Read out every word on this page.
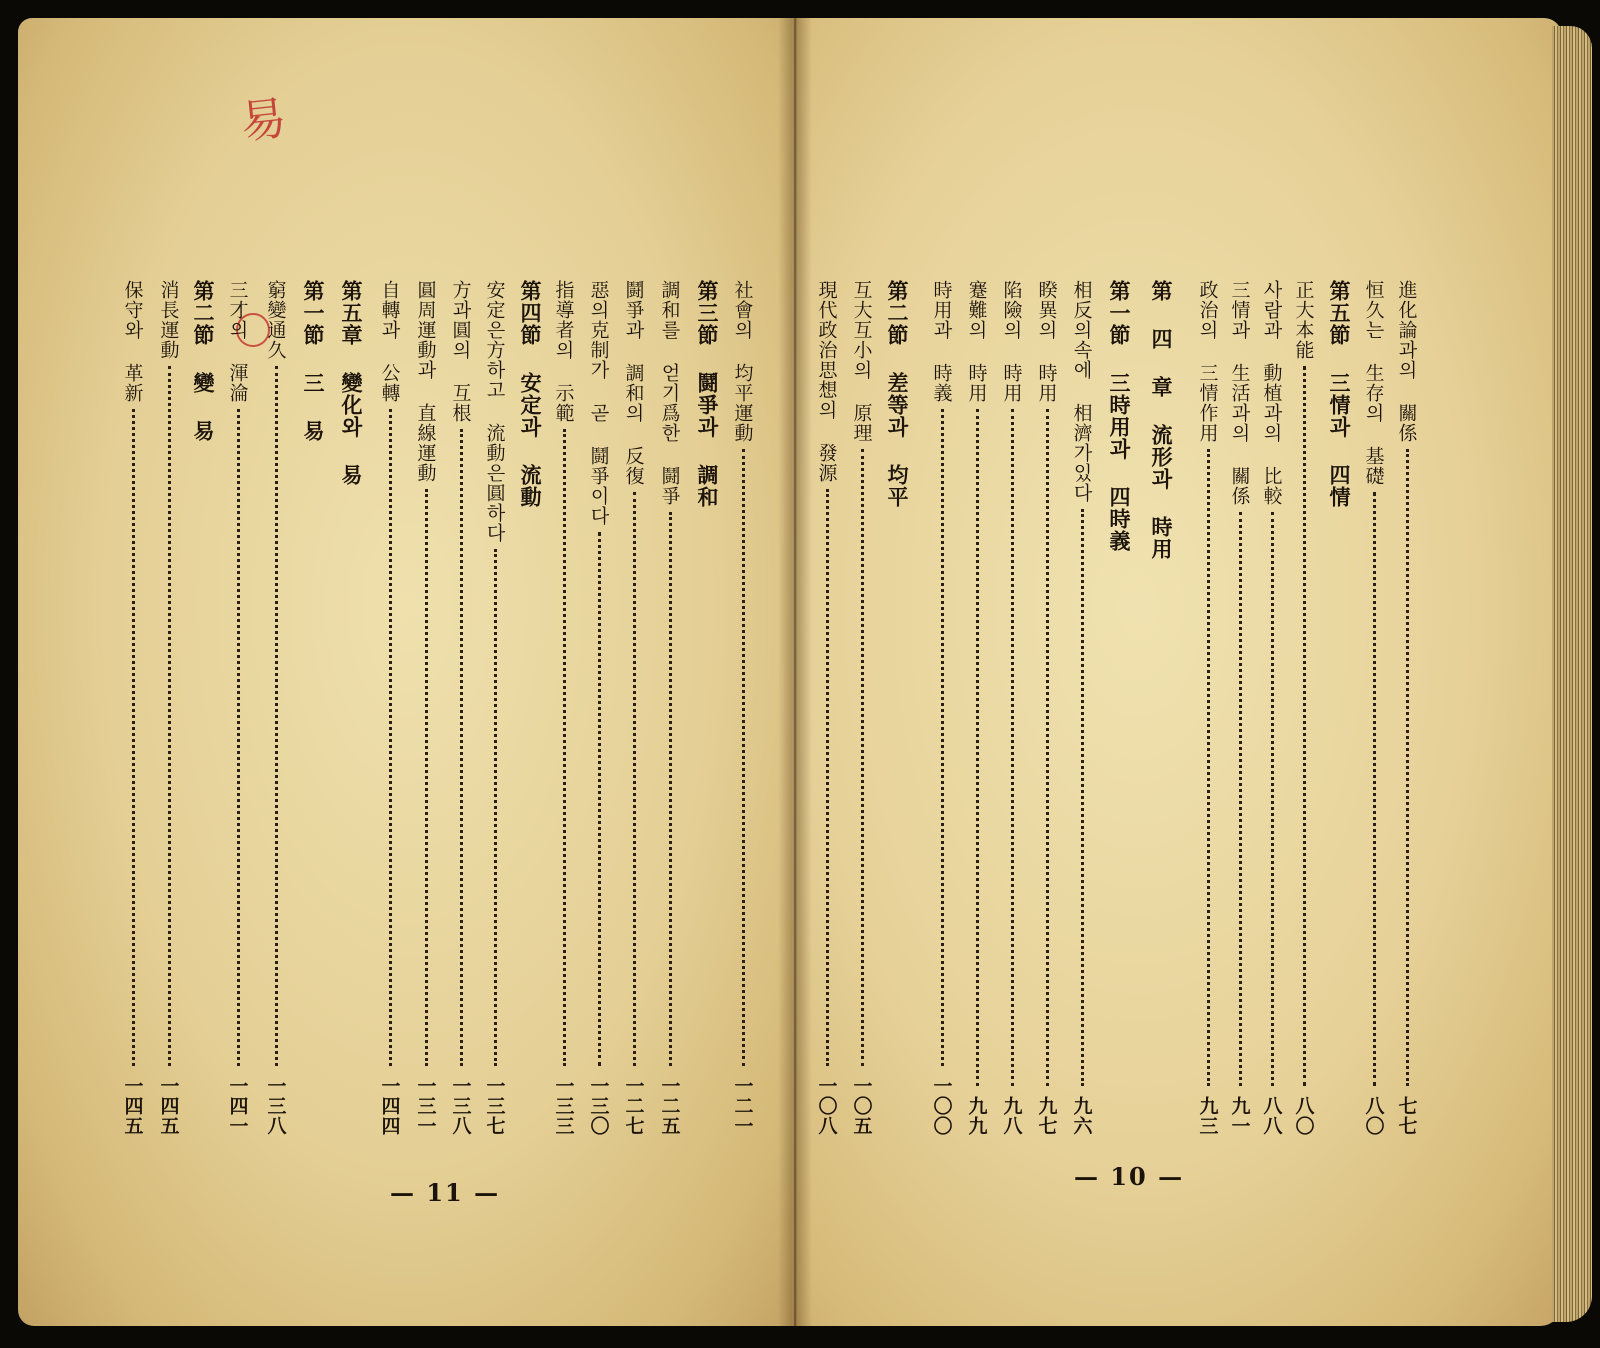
易
— 11 —
社會의 均平運動
一二一
第三節 鬪爭과 調和
調和를 얻기爲한 鬪爭
一二五
鬪爭과 調和의 反復
一二七
惡의克制가 곧 鬪爭이다
一三〇
指導者의 示範
一三三
第四節 安定과 流動
安定은方하고 流動은圓하다
一三七
方과圓의 互根
一三八
圓周運動과 直線運動
一三一
自轉과 公轉
一四四
第五章 變化와 易
第一節 三 易
窮變通久
一三八
三才의 渾淪
一四一
第二節 變 易
消長運動
一四五
保守와 革新
一四五
— 10 —
進化論과의 關係
七七
恒久는 生存의 基礎
八〇
第五節 三情과 四情
正大本能
八〇
사람과 動植과의 比較
八八
三情과 生活과의 關係
九一
政治의 三情作用
九三
第 四 章 流形과 時用
第一節 三時用과 四時義
相反의속에 相濟가있다
九六
睽異의 時用
九七
陷險의 時用
九八
蹇難의 時用
九九
時用과 時義
一〇〇
第二節 差等과 均平
互大互小의 原理
一〇五
現代政治思想의 發源
一〇八
